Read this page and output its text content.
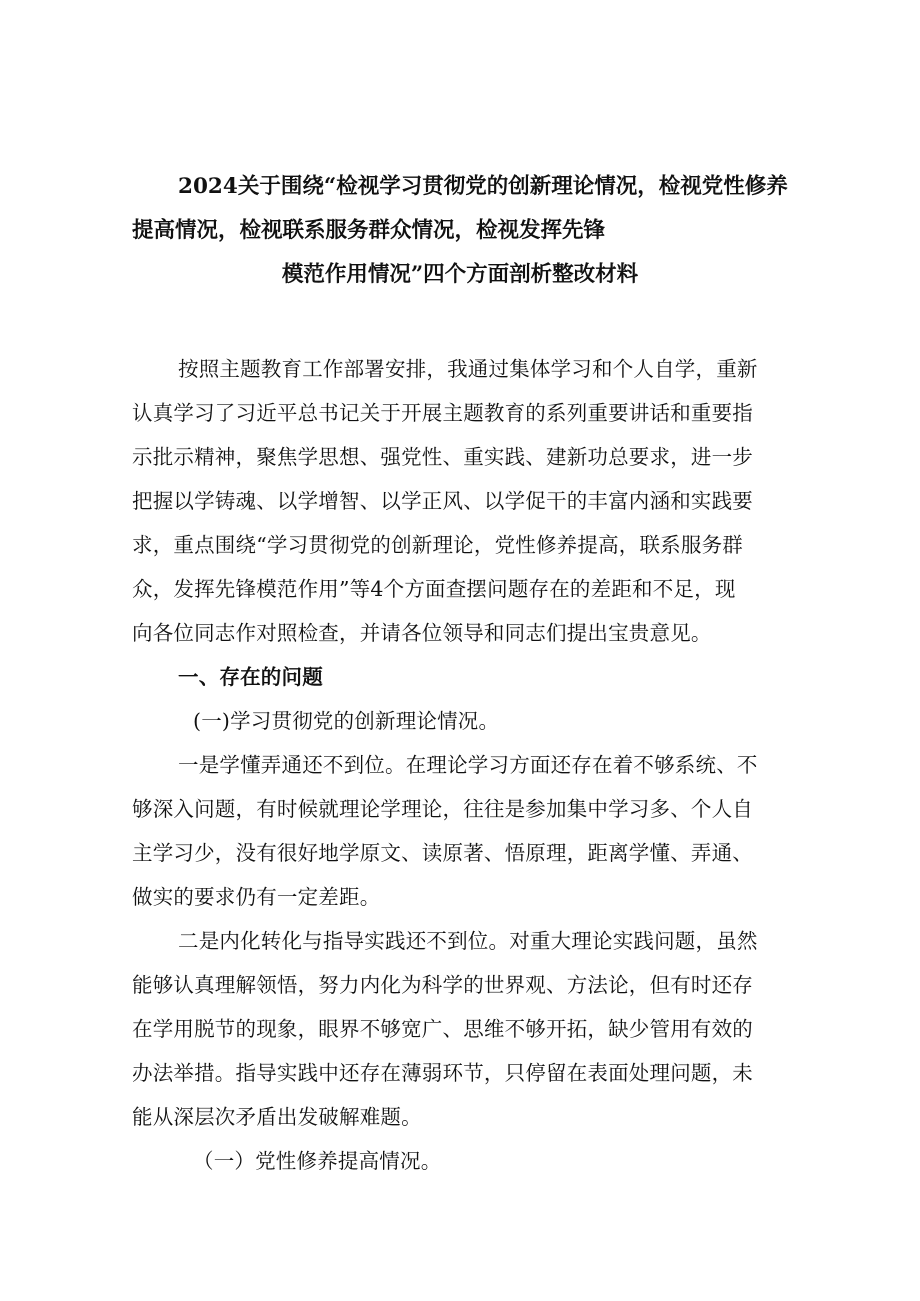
2024关于围绕“检视学习贯彻党的创新理论情况，检视党性修养
提高情况，检视联系服务群众情况，检视发挥先锋
模范作用情况”四个方面剖析整改材料
按照主题教育工作部署安排，我通过集体学习和个人自学，重新
认真学习了习近平总书记关于开展主题教育的系列重要讲话和重要指
示批示精神，聚焦学思想、强党性、重实践、建新功总要求，进一步
把握以学铸魂、以学增智、以学正风、以学促干的丰富内涵和实践要
求，重点围绕“学习贯彻党的创新理论，党性修养提高，联系服务群
众，发挥先锋模范作用”等4个方面查摆问题存在的差距和不足，现
向各位同志作对照检查，并请各位领导和同志们提出宝贵意见。
一、存在的问题
(一)学习贯彻党的创新理论情况。
一是学懂弄通还不到位。在理论学习方面还存在着不够系统、不
够深入问题，有时候就理论学理论，往往是参加集中学习多、个人自
主学习少，没有很好地学原文、读原著、悟原理，距离学懂、弄通、
做实的要求仍有一定差距。
二是内化转化与指导实践还不到位。对重大理论实践问题，虽然
能够认真理解领悟，努力内化为科学的世界观、方法论，但有时还存
在学用脱节的现象，眼界不够宽广、思维不够开拓，缺少管用有效的
办法举措。指导实践中还存在薄弱环节，只停留在表面处理问题，未
能从深层次矛盾出发破解难题。
（一）党性修养提高情况。
